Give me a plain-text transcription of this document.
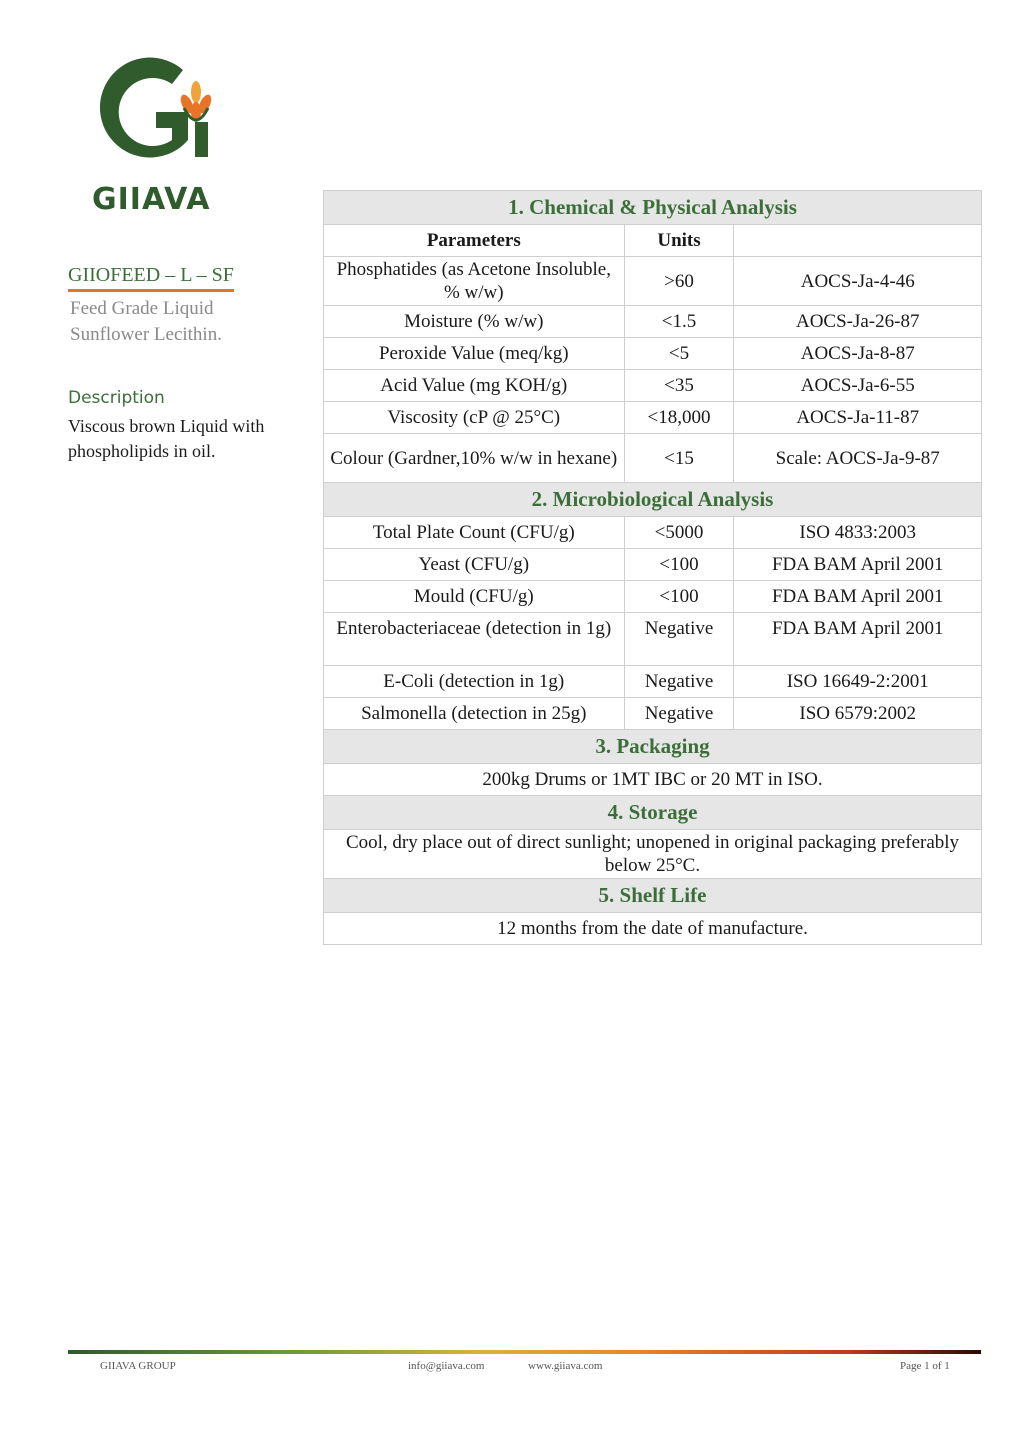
GIIAVA
GIIOFEED – L – SF
Feed Grade Liquid
Sunflower Lecithin.
Description
Viscous brown Liquid with phospholipids in oil.
1. Chemical & Physical Analysis		
Parameters	Units	
Phosphatides (as Acetone Insoluble, % w/w)	>60	AOCS-Ja-4-46
Moisture (% w/w)	<1.5	AOCS-Ja-26-87
Peroxide Value (meq/kg)	<5	AOCS-Ja-8-87
Acid Value (mg KOH/g)	<35	AOCS-Ja-6-55
Viscosity (cP @ 25°C)	<18,000	AOCS-Ja-11-87
Colour (Gardner,10% w/w in hexane)	<15	Scale: AOCS-Ja-9-87
2. Microbiological Analysis		
Total Plate Count (CFU/g)	<5000	ISO 4833:2003
Yeast (CFU/g)	<100	FDA BAM April 2001
Mould (CFU/g)	<100	FDA BAM April 2001
Enterobacteriaceae (detection in 1g)	Negative	FDA BAM April 2001
E-Coli (detection in 1g)	Negative	ISO 16649-2:2001
Salmonella (detection in 25g)	Negative	ISO 6579:2002
3. Packaging		
200kg Drums or 1MT IBC or 20 MT in ISO.		
4. Storage		
Cool, dry place out of direct sunlight; unopened in original packaging preferably below 25°C.		
5. Shelf Life		
12 months from the date of manufacture.		
GIIAVA GROUP	info@giiava.com	www.giiava.com	Page 1 of 1
